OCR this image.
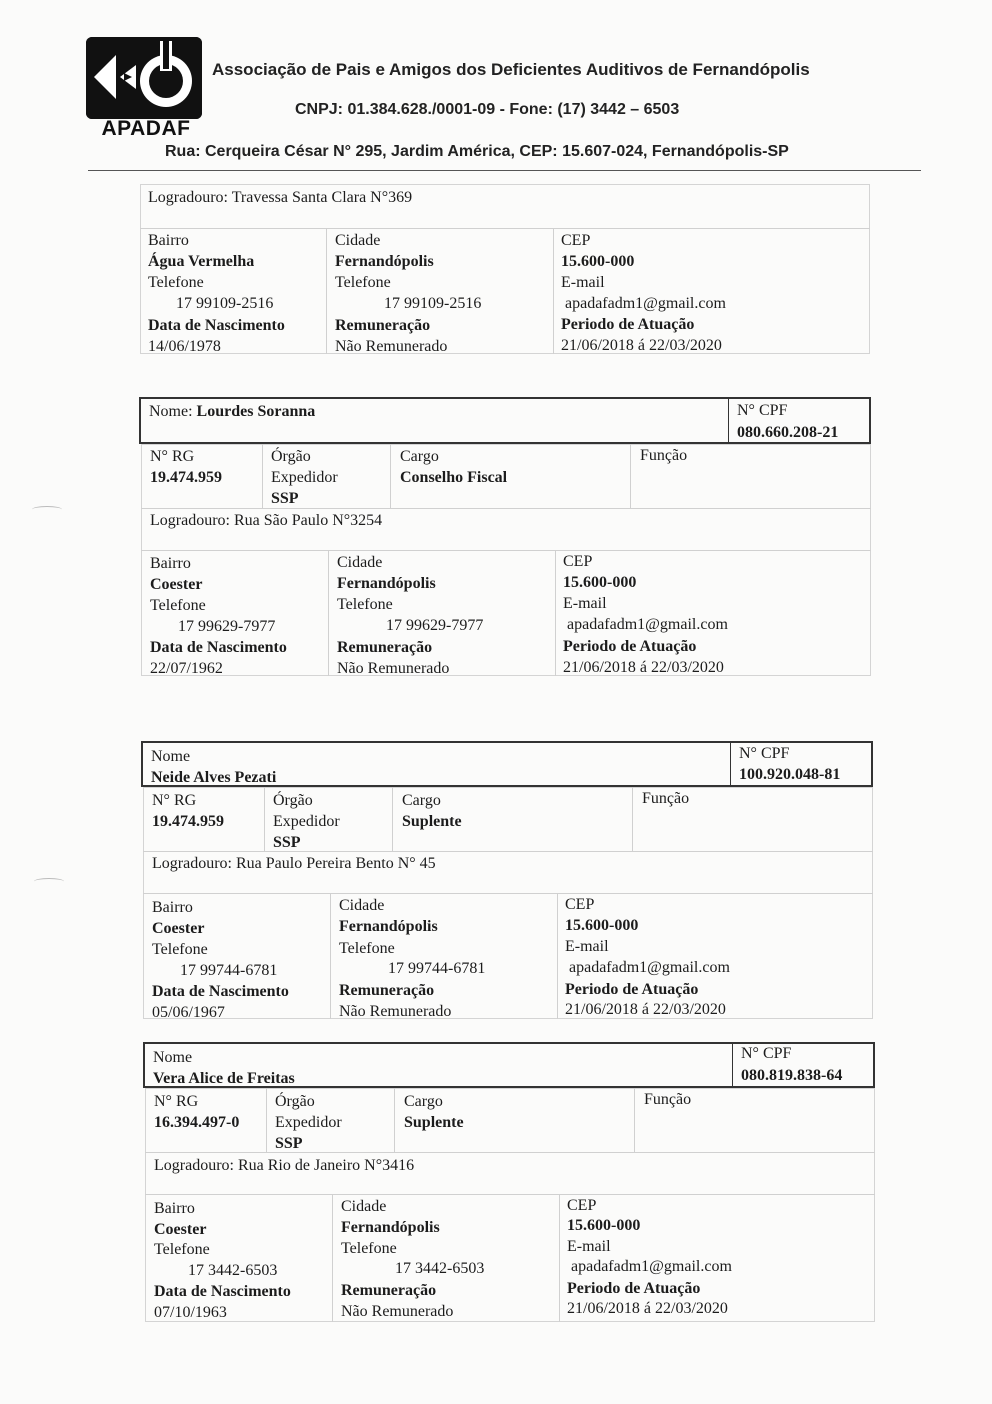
APADAF
Associação de Pais e Amigos dos Deficientes Auditivos de Fernandópolis
CNPJ: 01.384.628./0001-09 - Fone: (17) 3442 – 6503
Rua: Cerqueira César N° 295, Jardim América, CEP: 15.607-024, Fernandópolis-SP
Logradouro: Travessa Santa Clara N°369
Bairro
Água Vermelha
Cidade
Fernandópolis
CEP
15.600-000
Telefone
17 99109-2516
Telefone
17 99109-2516
E-mail
apadafadm1@gmail.com
Data de Nascimento
14/06/1978
Remuneração
Não Remunerado
Periodo de Atuação
21/06/2018 á 22/03/2020
Nome: Lourdes Soranna	N° CPF
080.660.208-21
N° RG
19.474.959
Órgão
Expedidor
SSP
Cargo
Conselho Fiscal
Função
Logradouro: Rua São Paulo N°3254
Bairro
Coester
Cidade
Fernandópolis
CEP
15.600-000
Telefone
17 99629-7977
Telefone
17 99629-7977
E-mail
apadafadm1@gmail.com
Data de Nascimento
22/07/1962
Remuneração
Não Remunerado
Periodo de Atuação
21/06/2018 á 22/03/2020
Nome
Neide Alves Pezati
N° CPF
100.920.048-81
N° RG
19.474.959
Órgão
Expedidor
SSP
Cargo
Suplente
Função
Logradouro: Rua Paulo Pereira Bento N° 45
Bairro
Coester
Cidade
Fernandópolis
CEP
15.600-000
Telefone
17 99744-6781
Telefone
17 99744-6781
E-mail
apadafadm1@gmail.com
Data de Nascimento
05/06/1967
Remuneração
Não Remunerado
Periodo de Atuação
21/06/2018 á 22/03/2020
Nome
Vera Alice de Freitas
N° CPF
080.819.838-64
N° RG
16.394.497-0
Órgão
Expedidor
SSP
Cargo
Suplente
Função
Logradouro: Rua Rio de Janeiro N°3416
Bairro
Coester
Cidade
Fernandópolis
CEP
15.600-000
Telefone
17 3442-6503
Telefone
17 3442-6503
E-mail
apadafadm1@gmail.com
Data de Nascimento
07/10/1963
Remuneração
Não Remunerado
Periodo de Atuação
21/06/2018 á 22/03/2020
